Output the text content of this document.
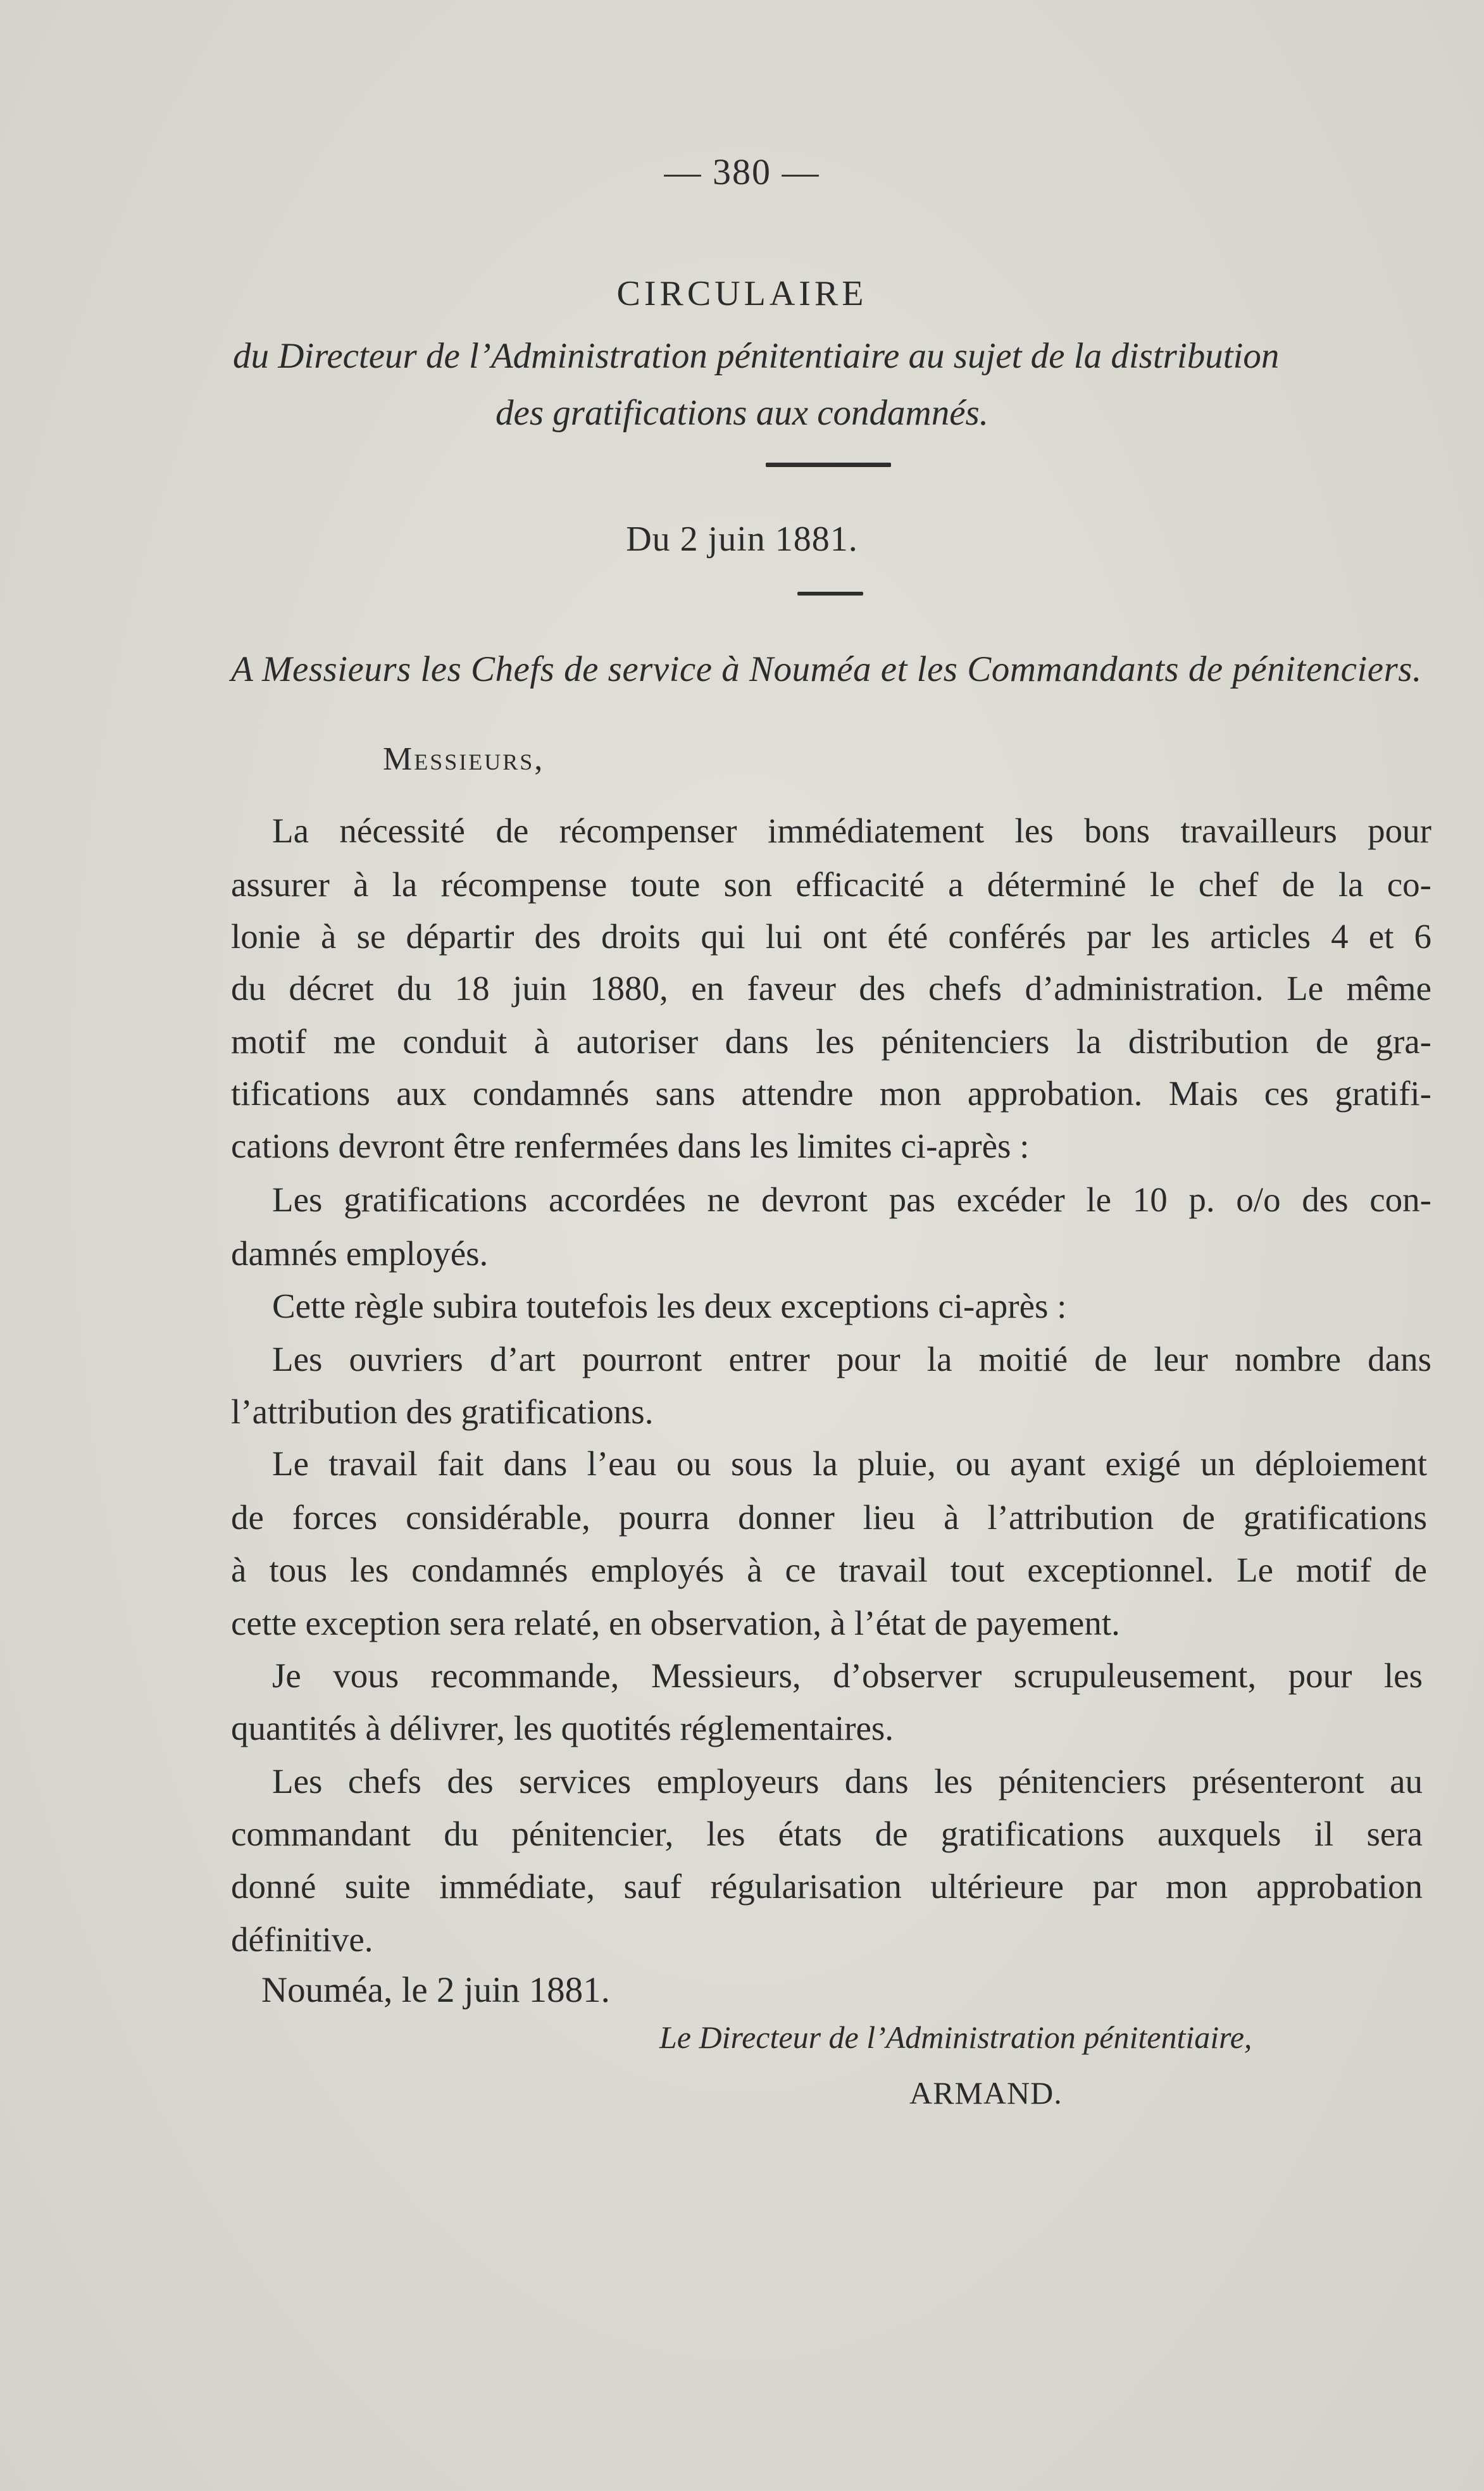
— 380 —
CIRCULAIRE
du Directeur de l’Administration pénitentiaire au sujet de la distribution
des gratifications aux condamnés.
Du 2 juin 1881.
A Messieurs les Chefs de service à Nouméa et les Commandants de pénitenciers.
Messieurs,
La nécessité de récompenser immédiatement les bons travailleurs pour
assurer à la récompense toute son efficacité a déterminé le chef de la co-
lonie à se départir des droits qui lui ont été conférés par les articles 4 et 6
du décret du 18 juin 1880, en faveur des chefs d’administration. Le même
motif me conduit à autoriser dans les pénitenciers la distribution de gra-
tifications aux condamnés sans attendre mon approbation. Mais ces gratifi-
cations devront être renfermées dans les limites ci-après :
Les gratifications accordées ne devront pas excéder le 10 p. o/o des con-
damnés employés.
Cette règle subira toutefois les deux exceptions ci-après :
Les ouvriers d’art pourront entrer pour la moitié de leur nombre dans
l’attribution des gratifications.
Le travail fait dans l’eau ou sous la pluie, ou ayant exigé un déploiement
de forces considérable, pourra donner lieu à l’attribution de gratifications
à tous les condamnés employés à ce travail tout exceptionnel. Le motif de
cette exception sera relaté, en observation, à l’état de payement.
Je vous recommande, Messieurs, d’observer scrupuleusement, pour les
quantités à délivrer, les quotités réglementaires.
Les chefs des services employeurs dans les pénitenciers présenteront au
commandant du pénitencier, les états de gratifications auxquels il sera
donné suite immédiate, sauf régularisation ultérieure par mon approbation
définitive.
Nouméa, le 2 juin 1881.
Le Directeur de l’Administration pénitentiaire,
ARMAND.
